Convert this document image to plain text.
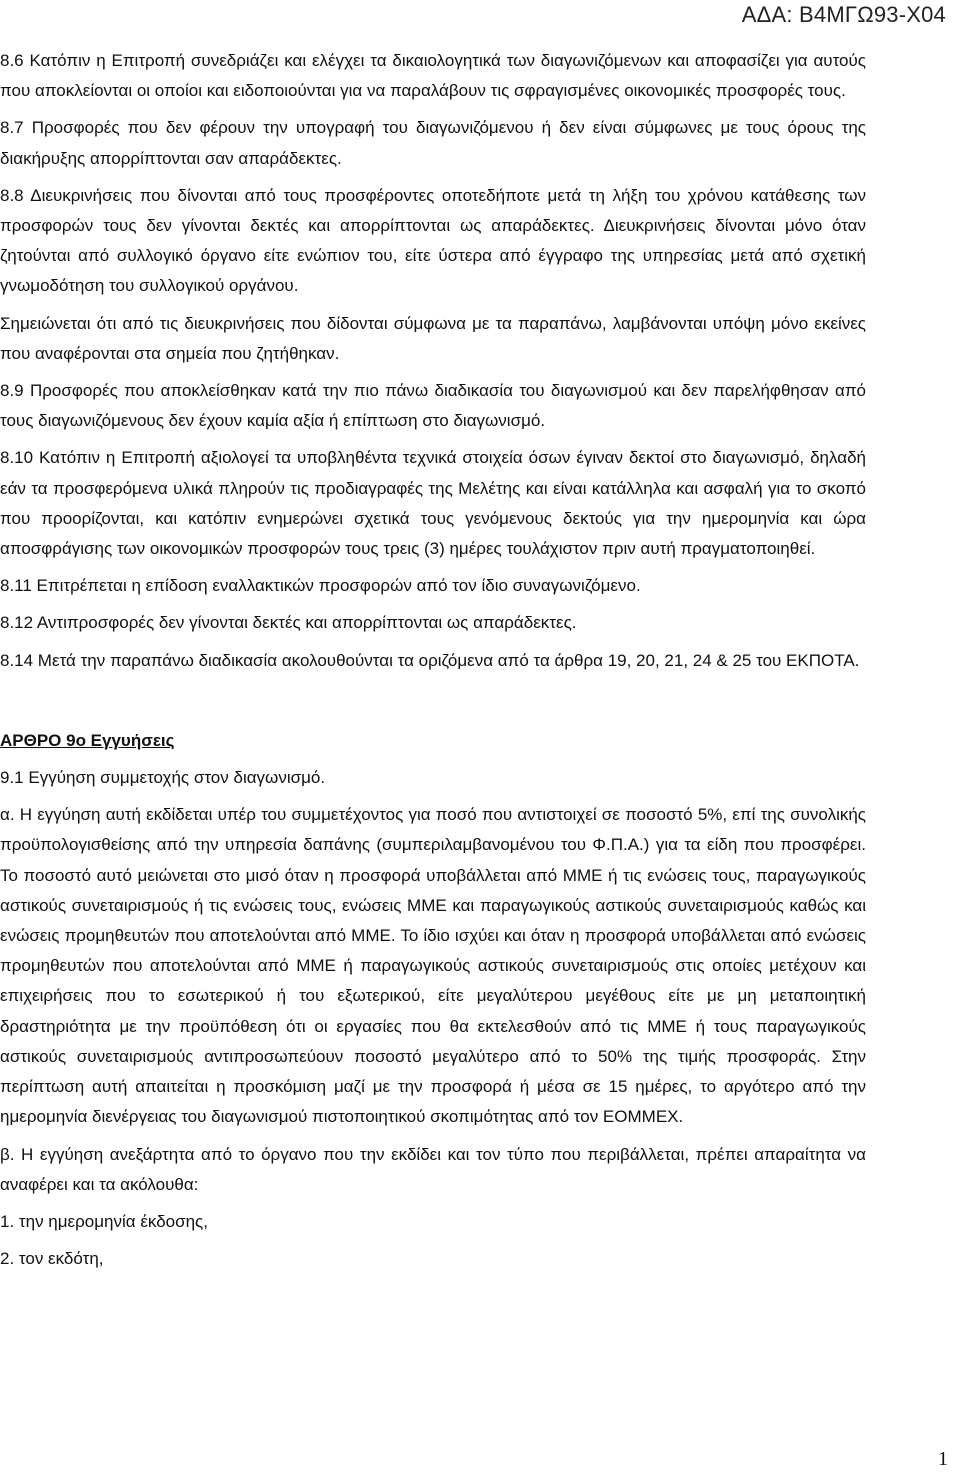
ΑΔΑ: Β4ΜΓΩ93-Χ04

8.6 Κατόπιν η Επιτροπή συνεδριάζει και ελέγχει τα δικαιολογητικά των διαγωνιζόμενων και αποφασίζει για αυτούς που αποκλείονται οι οποίοι και ειδοποιούνται για να παραλάβουν τις σφραγισμένες οικονομικές προσφορές τους.

8.7 Προσφορές που δεν φέρουν την υπογραφή του διαγωνιζόμενου ή δεν είναι σύμφωνες με τους όρους της διακήρυξης απορρίπτονται σαν απαράδεκτες.

8.8 Διευκρινήσεις που δίνονται από τους προσφέροντες οποτεδήποτε μετά τη λήξη του χρόνου κατάθεσης των προσφορών τους δεν γίνονται δεκτές και απορρίπτονται ως απαράδεκτες. Διευκρινήσεις δίνονται μόνο όταν ζητούνται από συλλογικό όργανο είτε ενώπιον του, είτε ύστερα από έγγραφο της υπηρεσίας μετά από σχετική γνωμοδότηση του συλλογικού οργάνου.

Σημειώνεται ότι από τις διευκρινήσεις που δίδονται σύμφωνα με τα παραπάνω, λαμβάνονται υπόψη μόνο εκείνες που αναφέρονται στα σημεία που ζητήθηκαν.

8.9 Προσφορές που αποκλείσθηκαν κατά την πιο πάνω διαδικασία του διαγωνισμού και δεν παρελήφθησαν από τους διαγωνιζόμενους δεν έχουν καμία αξία ή επίπτωση στο διαγωνισμό.

8.10 Κατόπιν η Επιτροπή αξιολογεί τα υποβληθέντα τεχνικά στοιχεία όσων έγιναν δεκτοί στο διαγωνισμό, δηλαδή εάν τα προσφερόμενα υλικά πληρούν τις προδιαγραφές της Μελέτης και είναι κατάλληλα και ασφαλή για το σκοπό που προορίζονται, και κατόπιν ενημερώνει σχετικά τους γενόμενους δεκτούς για την ημερομηνία και ώρα αποσφράγισης των οικονομικών προσφορών τους τρεις (3) ημέρες τουλάχιστον πριν αυτή πραγματοποιηθεί.

8.11 Επιτρέπεται η επίδοση εναλλακτικών προσφορών από τον ίδιο συναγωνιζόμενο.

8.12 Αντιπροσφορές δεν γίνονται δεκτές και απορρίπτονται ως απαράδεκτες.

8.14 Μετά την παραπάνω διαδικασία ακολουθούνται τα οριζόμενα από τα άρθρα 19, 20, 21, 24 & 25 του ΕΚΠΟΤΑ.

ΑΡΘΡΟ 9ο Εγγυήσεις

9.1 Εγγύηση συμμετοχής στον διαγωνισμό.

α. Η εγγύηση αυτή εκδίδεται υπέρ του συμμετέχοντος για ποσό που αντιστοιχεί σε ποσοστό 5%, επί της συνολικής προϋπολογισθείσης από την υπηρεσία δαπάνης (συμπεριλαμβανομένου του Φ.Π.Α.) για τα είδη που προσφέρει. Το ποσοστό αυτό μειώνεται στο μισό όταν η προσφορά υποβάλλεται από ΜΜΕ ή τις ενώσεις τους, παραγωγικούς αστικούς συνεταιρισμούς ή τις ενώσεις τους, ενώσεις ΜΜΕ και παραγωγικούς αστικούς συνεταιρισμούς καθώς και ενώσεις προμηθευτών που αποτελούνται από ΜΜΕ. Το ίδιο ισχύει και όταν η προσφορά υποβάλλεται από ενώσεις προμηθευτών που αποτελούνται από ΜΜΕ ή παραγωγικούς αστικούς συνεταιρισμούς στις οποίες μετέχουν και επιχειρήσεις που το εσωτερικού ή του εξωτερικού, είτε μεγαλύτερου μεγέθους είτε με μη μεταποιητική δραστηριότητα με την προϋπόθεση ότι οι εργασίες που θα εκτελεσθούν από τις ΜΜΕ ή τους παραγωγικούς αστικούς συνεταιρισμούς αντιπροσωπεύουν ποσοστό μεγαλύτερο από το 50% της τιμής προσφοράς. Στην περίπτωση αυτή απαιτείται η προσκόμιση μαζί με την προσφορά ή μέσα σε 15 ημέρες, το αργότερο από την ημερομηνία διενέργειας του διαγωνισμού πιστοποιητικού σκοπιμότητας από τον ΕΟΜΜΕΧ.

β. Η εγγύηση ανεξάρτητα από το όργανο που την εκδίδει και τον τύπο που περιβάλλεται, πρέπει απαραίτητα να αναφέρει και τα ακόλουθα:

1. την ημερομηνία έκδοσης,

2. τον εκδότη,

1
